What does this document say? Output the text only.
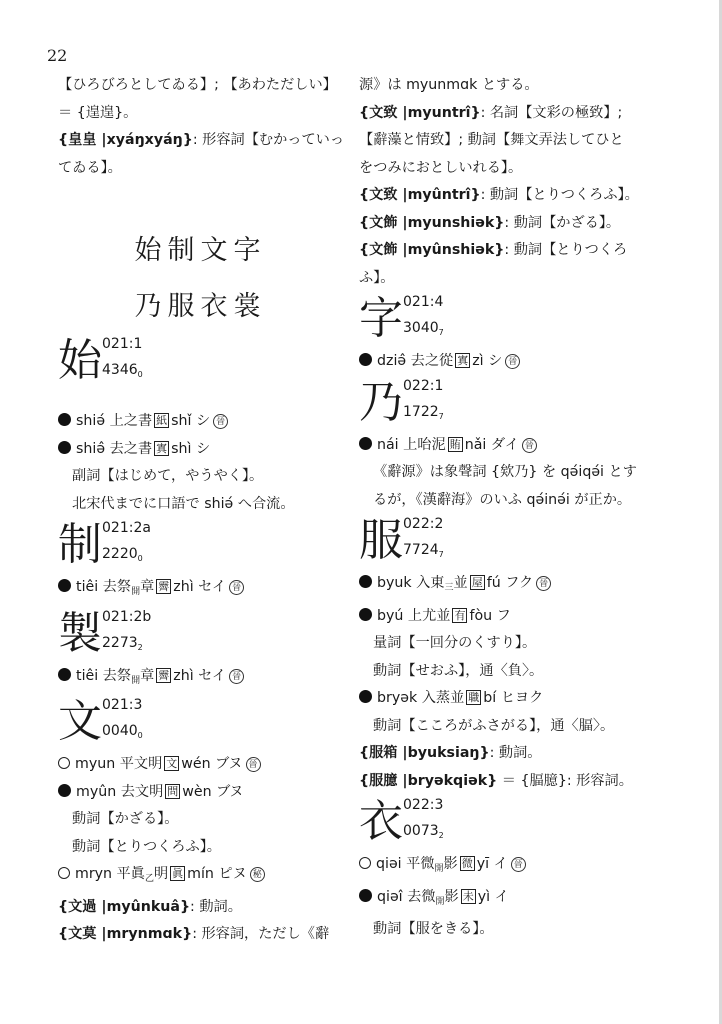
22
【ひろびろとしてゐる】; 【あわただしい】
＝ {遑遑}。
{皇皇 |xyáŋxyáŋ}: 形容詞【むかっていっ
てゐる】。
始制文字
乃服衣裳
始 021:1
$4346_0$
shiǝ́ 上之書 紙 shǐ シ 晉
shiǝ̂ 去之書 寘 shì シ
副詞【はじめて，やうやく】。
北宋代までに口語で shiǝ́ へ合流。
制 021:2a
$2220_0$
tiêi 去祭$_開$章 霽 zhì セイ 晉
製 021:2b
$2273_2$
tiêi 去祭$_開$章 霽 zhì セイ 晉
文 021:3
$0040_0$
myun 平文明 文 wén ブヌ 晉
myûn 去文明 問 wèn ブヌ
動詞【かざる】。
動詞【とりつくろふ】。
mryn 平眞$_乙$明 眞 mín ピヌ 秘
{文過 |myûnkuâ}: 動詞。
{文莫 |mrynmɑk}: 形容詞，ただし《辭
源》は myunmɑk とする。
{文致 |myuntrî}: 名詞【文彩の極致】;
【辭藻と情致】; 動詞【舞文弄法してひと
をつみにおとしいれる】。
{文致 |myûntrî}: 動詞【とりつくろふ】。
{文飾 |myunshiək}: 動詞【かざる】。
{文飾 |myûnshiək}: 動詞【とりつくろ
ふ】。
字 021:4
$3040_7$
dziǝ̂ 去之從 寘 zì シ 晉
乃 022:1
$1722_7$
nái 上咍泥 賄 nǎi ダイ 晉
《辭源》は象聲詞 {欸乃} を qǝ́iqǝ́i とす
るが，《漢辭海》のいふ qǝ́inǝ́i が正か。
服 022:2
$7724_7$
byuk 入東$_三$並 屋 fú フク 晉
byú 上尤並 有 fòu フ
量詞【一回分のくすり】。
動詞【せおふ】，通〈負〉。
bryək 入蒸並 職 bí ヒヨク
動詞【こころがふさがる】，通〈腷〉。
{服箱 |byuksiaŋ}: 動詞。
{服臆 |bryəkqiək} ＝ {腷臆}: 形容詞。
衣 022:3
$0073_2$
qiəi 平微$_開$影 微 yī イ 晉
qiəî 去微$_開$影 未 yì イ
動詞【服をきる】。
